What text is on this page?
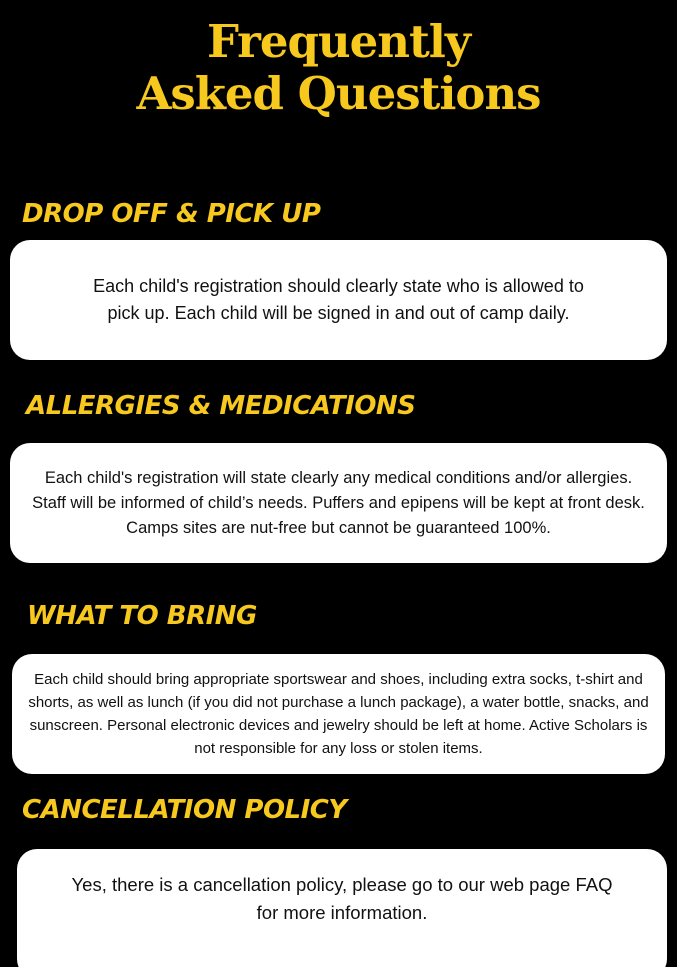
Frequently
Asked Questions
DROP OFF & PICK UP

Each child's registration should clearly state who is allowed to pick up. Each child will be signed in and out of camp daily.

ALLERGIES & MEDICATIONS

Each child's registration will state clearly any medical conditions and/or allergies. Staff will be informed of child’s needs. Puffers and epipens will be kept at front desk. Camps sites are nut-free but cannot be guaranteed 100%.

WHAT TO BRING

Each child should bring appropriate sportswear and shoes, including extra socks, t-shirt and shorts, as well as lunch (if you did not purchase a lunch package), a water bottle, snacks, and sunscreen. Personal electronic devices and jewelry should be left at home. Active Scholars is not responsible for any loss or stolen items.

CANCELLATION POLICY

Yes, there is a cancellation policy, please go to our web page FAQ for more information.
